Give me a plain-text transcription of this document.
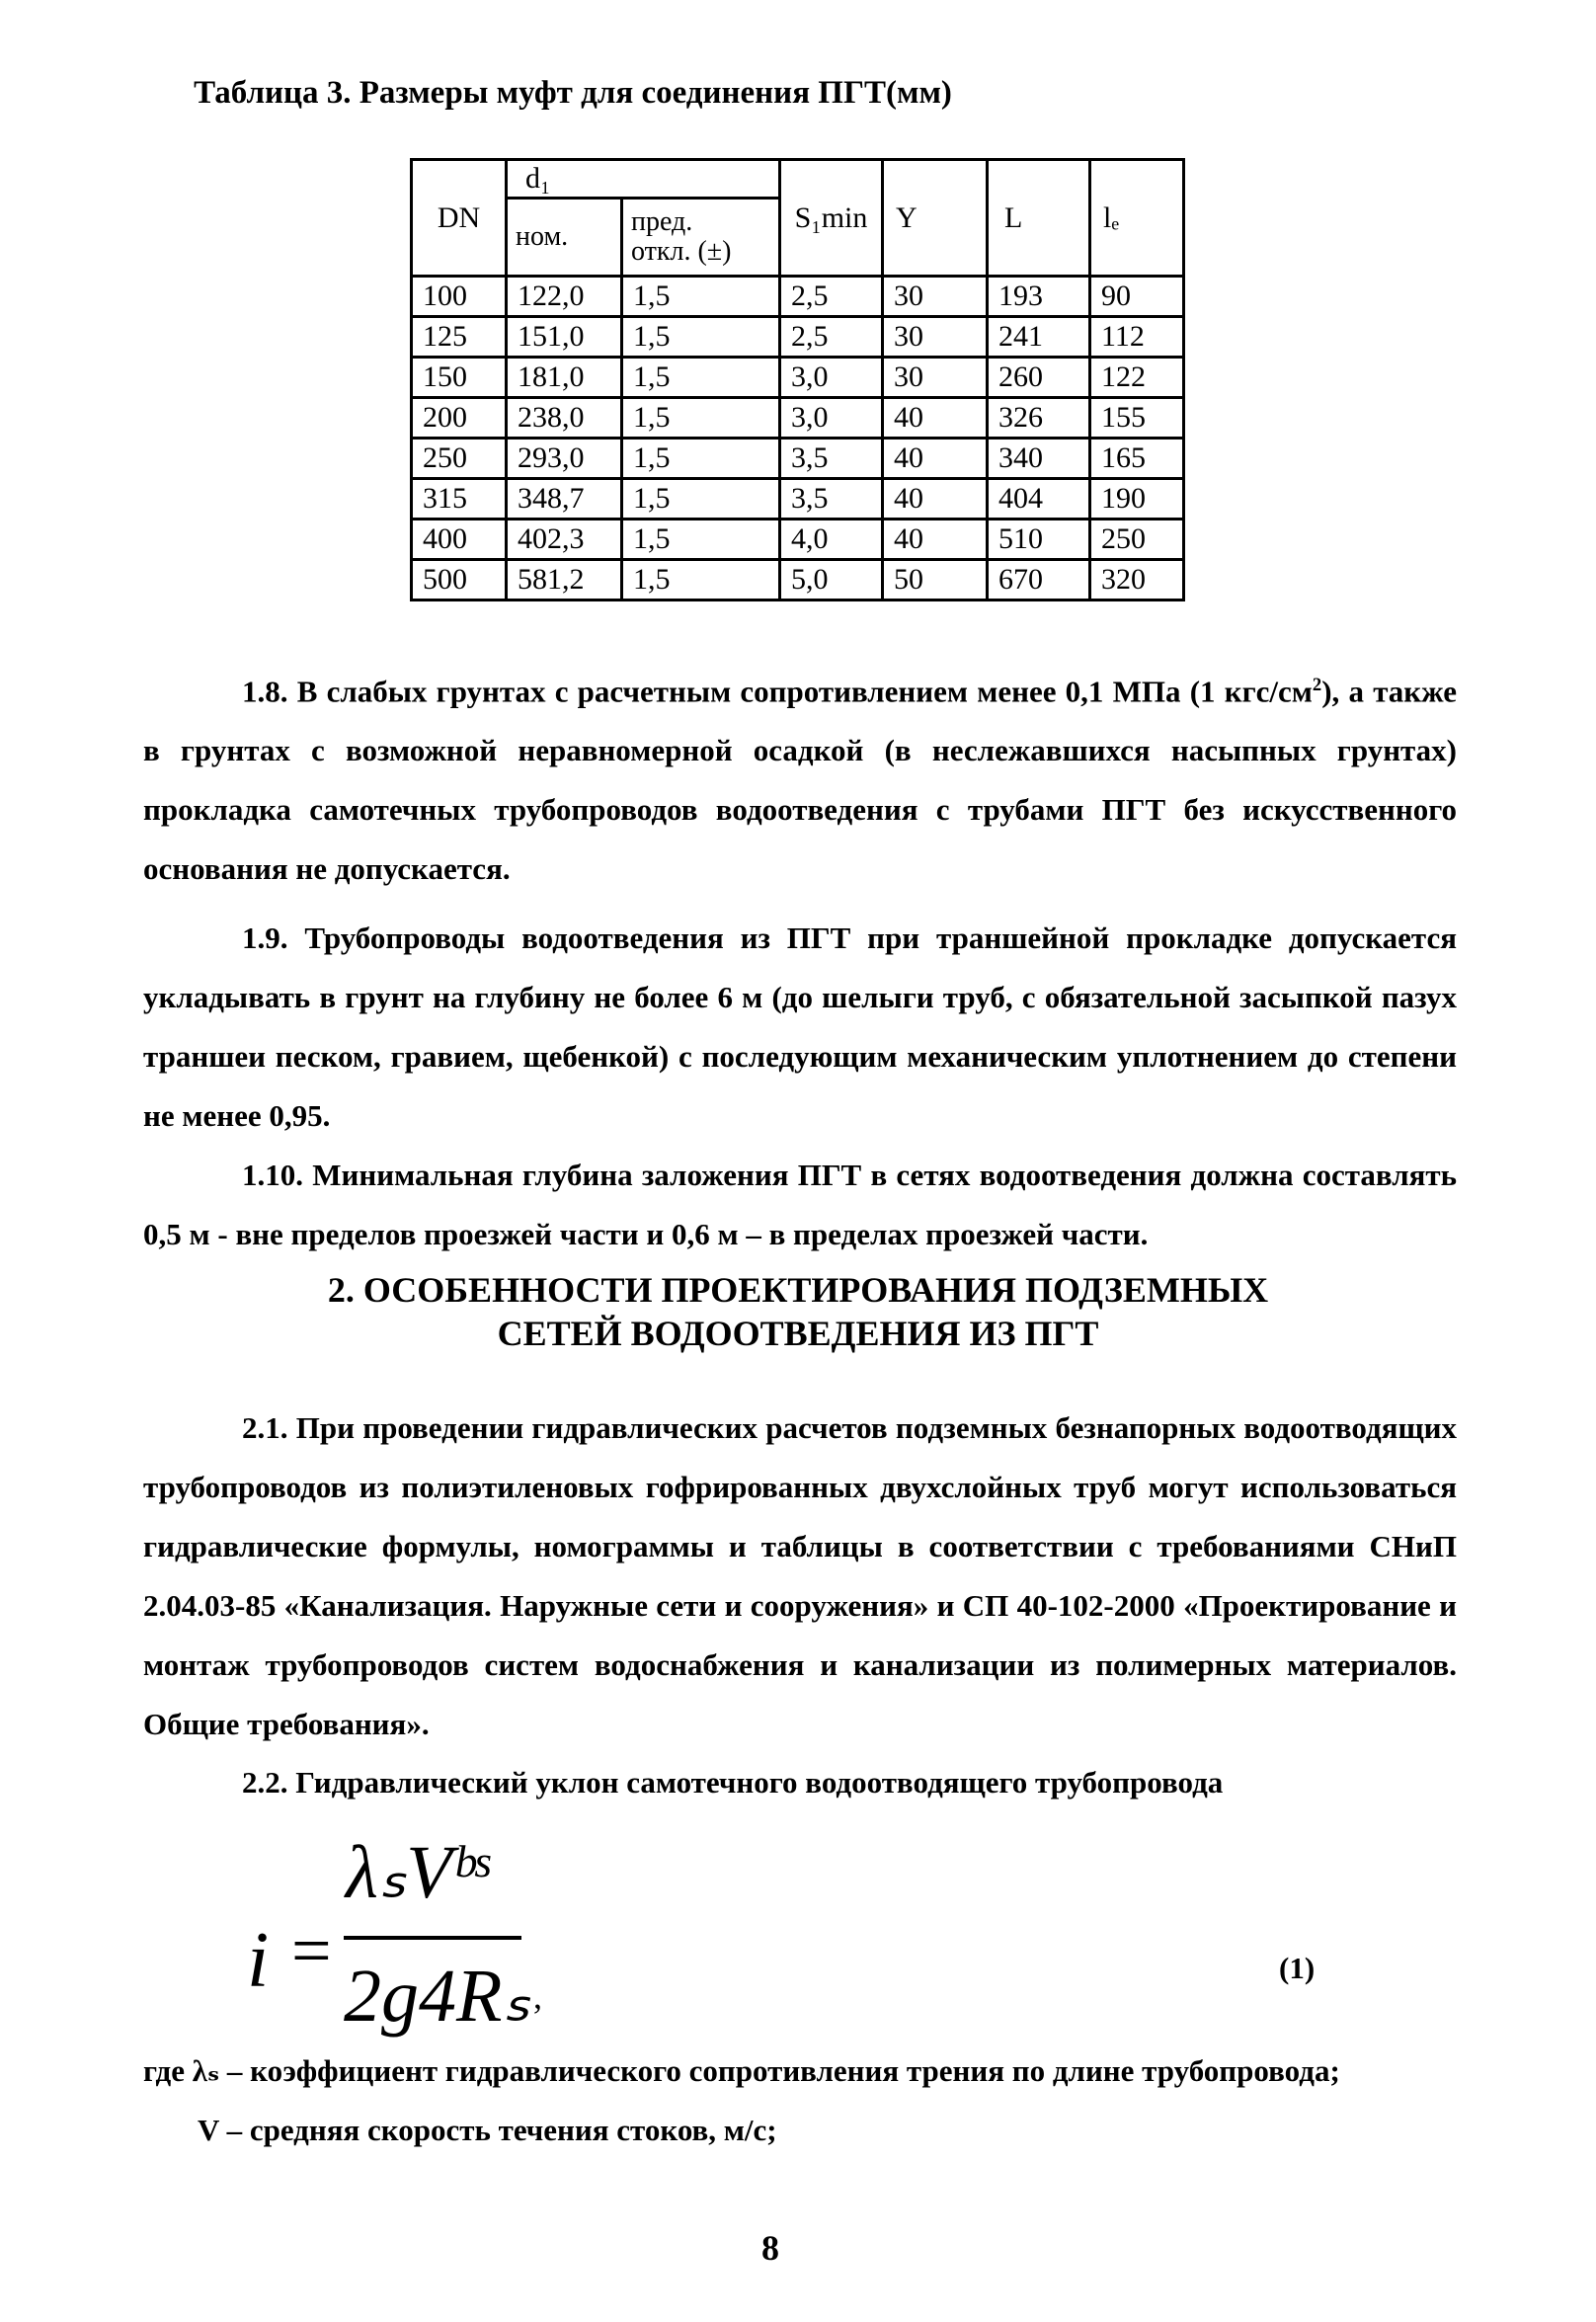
Таблица 3. Размеры муфт для соединения ПГТ(мм)
DN	d₁		S₁min	Y	L	lₑ
	ном.	пред.
откл. (±)				

100	122,0	1,5	2,5	30	193	90
125	151,0	1,5	2,5	30	241	112
150	181,0	1,5	3,0	30	260	122
200	238,0	1,5	3,0	40	326	155
250	293,0	1,5	3,5	40	340	165
315	348,7	1,5	3,5	40	404	190
400	402,3	1,5	4,0	40	510	250
500	581,2	1,5	5,0	50	670	320
1.8. В слабых грунтах с расчетным сопротивлением менее 0,1 МПа (1 кгс/$см^2$), а также в грунтах с возможной неравномерной осадкой (в неслежавшихся насыпных грунтах) прокладка самотечных трубопроводов водоотведения с трубами ПГТ без искусственного основания не допускается.
1.9. Трубопроводы водоотведения из ПГТ при траншейной прокладке допускается укладывать в грунт на глубину не более 6 м (до шелыги труб, с обязательной засыпкой пазух траншеи песком, гравием, щебенкой) с последующим механическим уплотнением до степени не менее 0,95.
1.10. Минимальная глубина заложения ПГТ в сетях водоотведения должна составлять 0,5 м - вне пределов проезжей части и 0,6 м – в пределах проезжей части.
2. ОСОБЕННОСТИ ПРОЕКТИРОВАНИЯ ПОДЗЕМНЫХ
СЕТЕЙ ВОДООТВЕДЕНИЯ ИЗ ПГТ
2.1. При проведении гидравлических расчетов подземных безнапорных водоотводящих трубопроводов из полиэтиленовых гофрированных двухслойных труб могут использоваться гидравлические формулы, номограммы и таблицы в соответствии с требованиями СНиП 2.04.03-85 «Канализация. Наружные сети и сооружения» и СП 40-102-2000 «Проектирование и монтаж трубопроводов систем водоснабжения и канализации из полимерных материалов. Общие требования».
2.2. Гидравлический уклон самотечного водоотводящего трубопровода
i =
λₛVᵇˢ
2g4Rₛ ,
(1)
где λₛ – коэффициент гидравлического сопротивления трения по длине трубопровода;
V – средняя скорость течения стоков, м/с;
8
